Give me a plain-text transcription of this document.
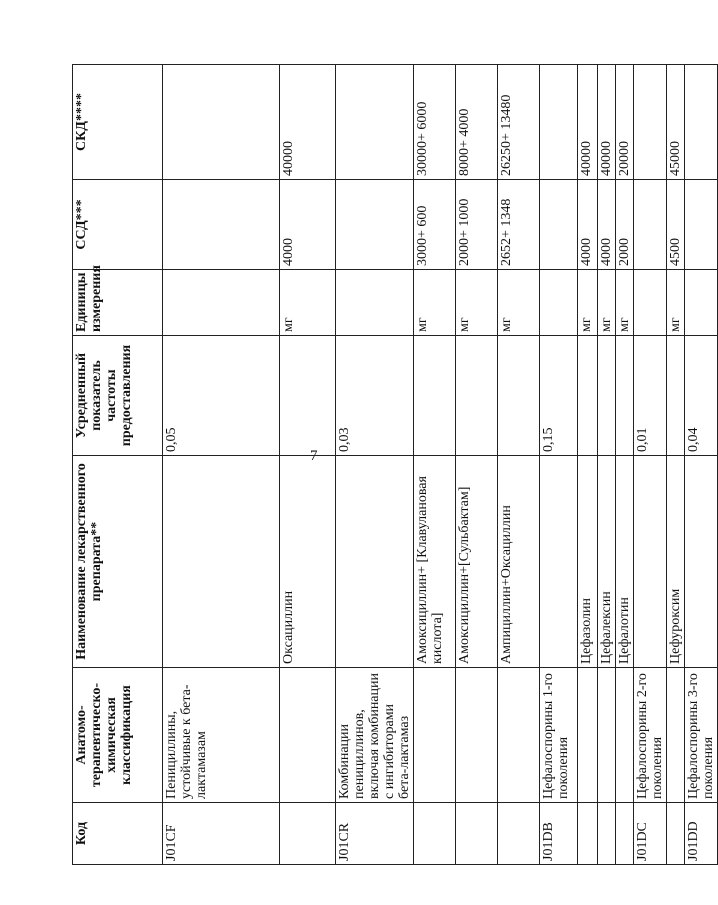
7
Код	Анатомо-терапевтическо-химическая классификация	Наименование лекарственного препарата**	Усредненный показатель частоты предоставления	Единицы измерения	ССД***	СКД****
J01CF	Пенициллины, устойчивые к бета-лактамазам		0,05			
		Оксациллин		мг	4000	40000
J01CR	Комбинации пенициллинов, включая комбинации с ингибиторами бета-лактамаз		0,03			
		Амоксициллин+ [Клавулановая кислота]		мг	3000+ 600	30000+ 6000
		Амоксициллин+[Сульбактам]		мг	2000+ 1000	8000+ 4000
		Ампициллин+Оксациллин		мг	2652+ 1348	26250+ 13480
J01DB	Цефалоспорины 1-го поколения		0,15			
		Цефазолин		мг	4000	40000
		Цефалексин		мг	4000	40000
		Цефалотин		мг	2000	20000
J01DC	Цефалоспорины 2-го поколения		0,01			
		Цефуроксим		мг	4500	45000
J01DD	Цефалоспорины 3-го поколения		0,04			
